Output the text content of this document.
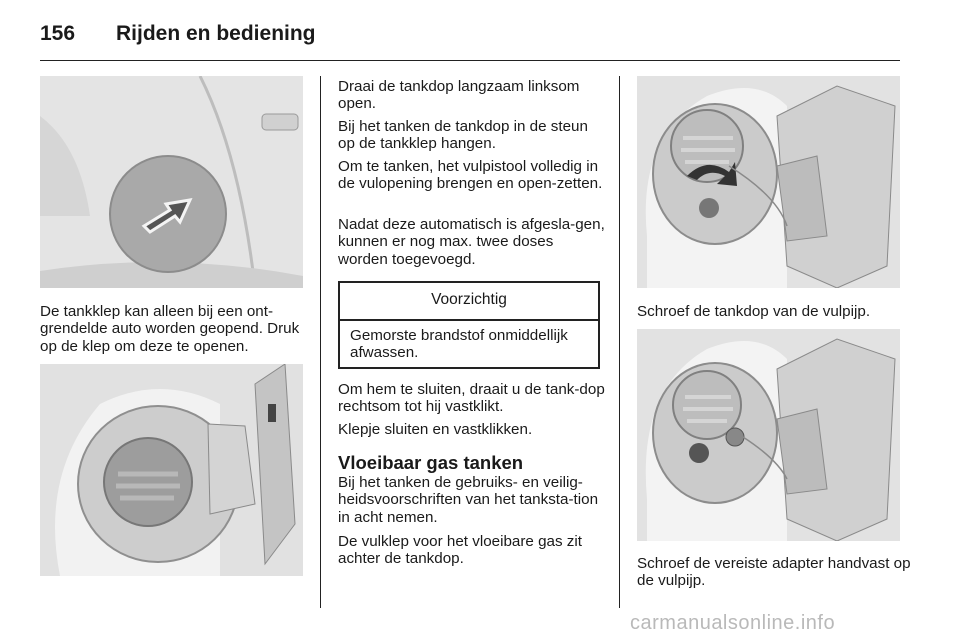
156 Rijden en bediening

De tankklep kan alleen bij een ont-grendelde auto worden geopend. Druk op de klep om deze te openen.

Draai de tankdop langzaam linksom open.

Bij het tanken de tankdop in de steun op de tankklep hangen.

Om te tanken, het vulpistool volledig in de vulopening brengen en open-zetten.

Nadat deze automatisch is afgesla-gen, kunnen er nog max. twee doses worden toegevoegd.

Voorzichtig

Gemorste brandstof onmiddellijk afwassen.

Om hem te sluiten, draait u de tank-dop rechtsom tot hij vastklikt.

Klepje sluiten en vastklikken.

Vloeibaar gas tanken

Bij het tanken de gebruiks- en veilig-heidsvoorschriften van het tanksta-tion in acht nemen.

De vulklep voor het vloeibare gas zit achter de tankdop.

Schroef de tankdop van de vulpijp.

Schroef de vereiste adapter handvast op de vulpijp.

carmanualsonline.info
